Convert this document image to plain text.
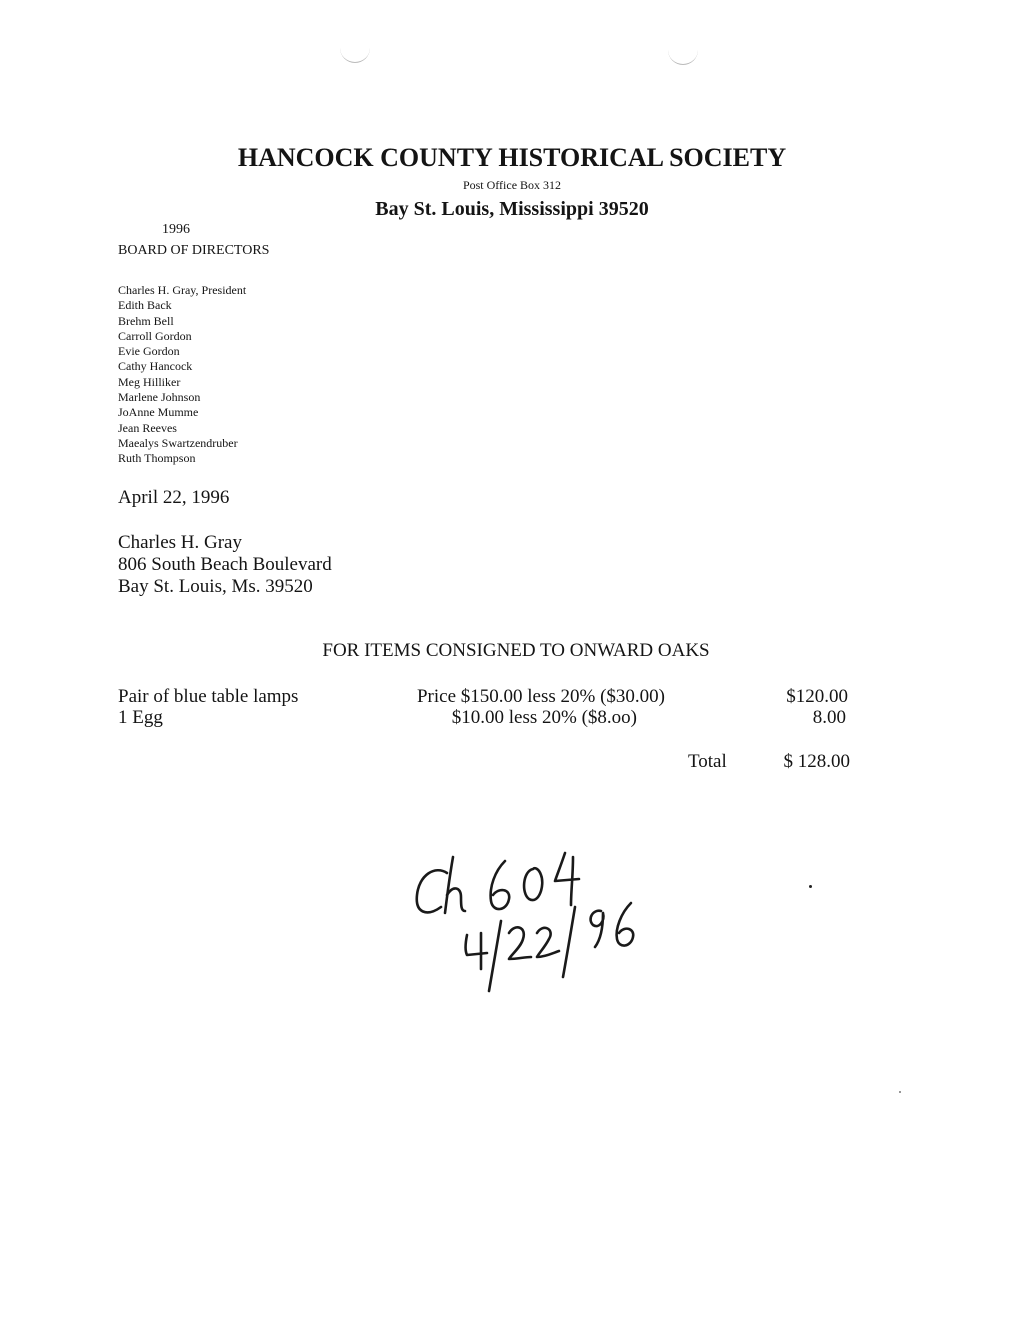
HANCOCK COUNTY HISTORICAL SOCIETY
Post Office Box 312
Bay St. Louis, Mississippi 39520
1996
BOARD OF DIRECTORS
Charles H. Gray, President
Edith Back
Brehm Bell
Carroll Gordon
Evie Gordon
Cathy Hancock
Meg Hilliker
Marlene Johnson
JoAnne Mumme
Jean Reeves
Maealys Swartzendruber
Ruth Thompson
April 22, 1996
Charles H. Gray
806 South Beach Boulevard
Bay St. Louis, Ms. 39520
FOR ITEMS CONSIGNED TO ONWARD OAKS
Pair of blue table lamps	Price $150.00 less 20% ($30.00)	$120.00
1 Egg	$10.00 less 20% ($8.oo)	8.00
Total	$ 128.00
